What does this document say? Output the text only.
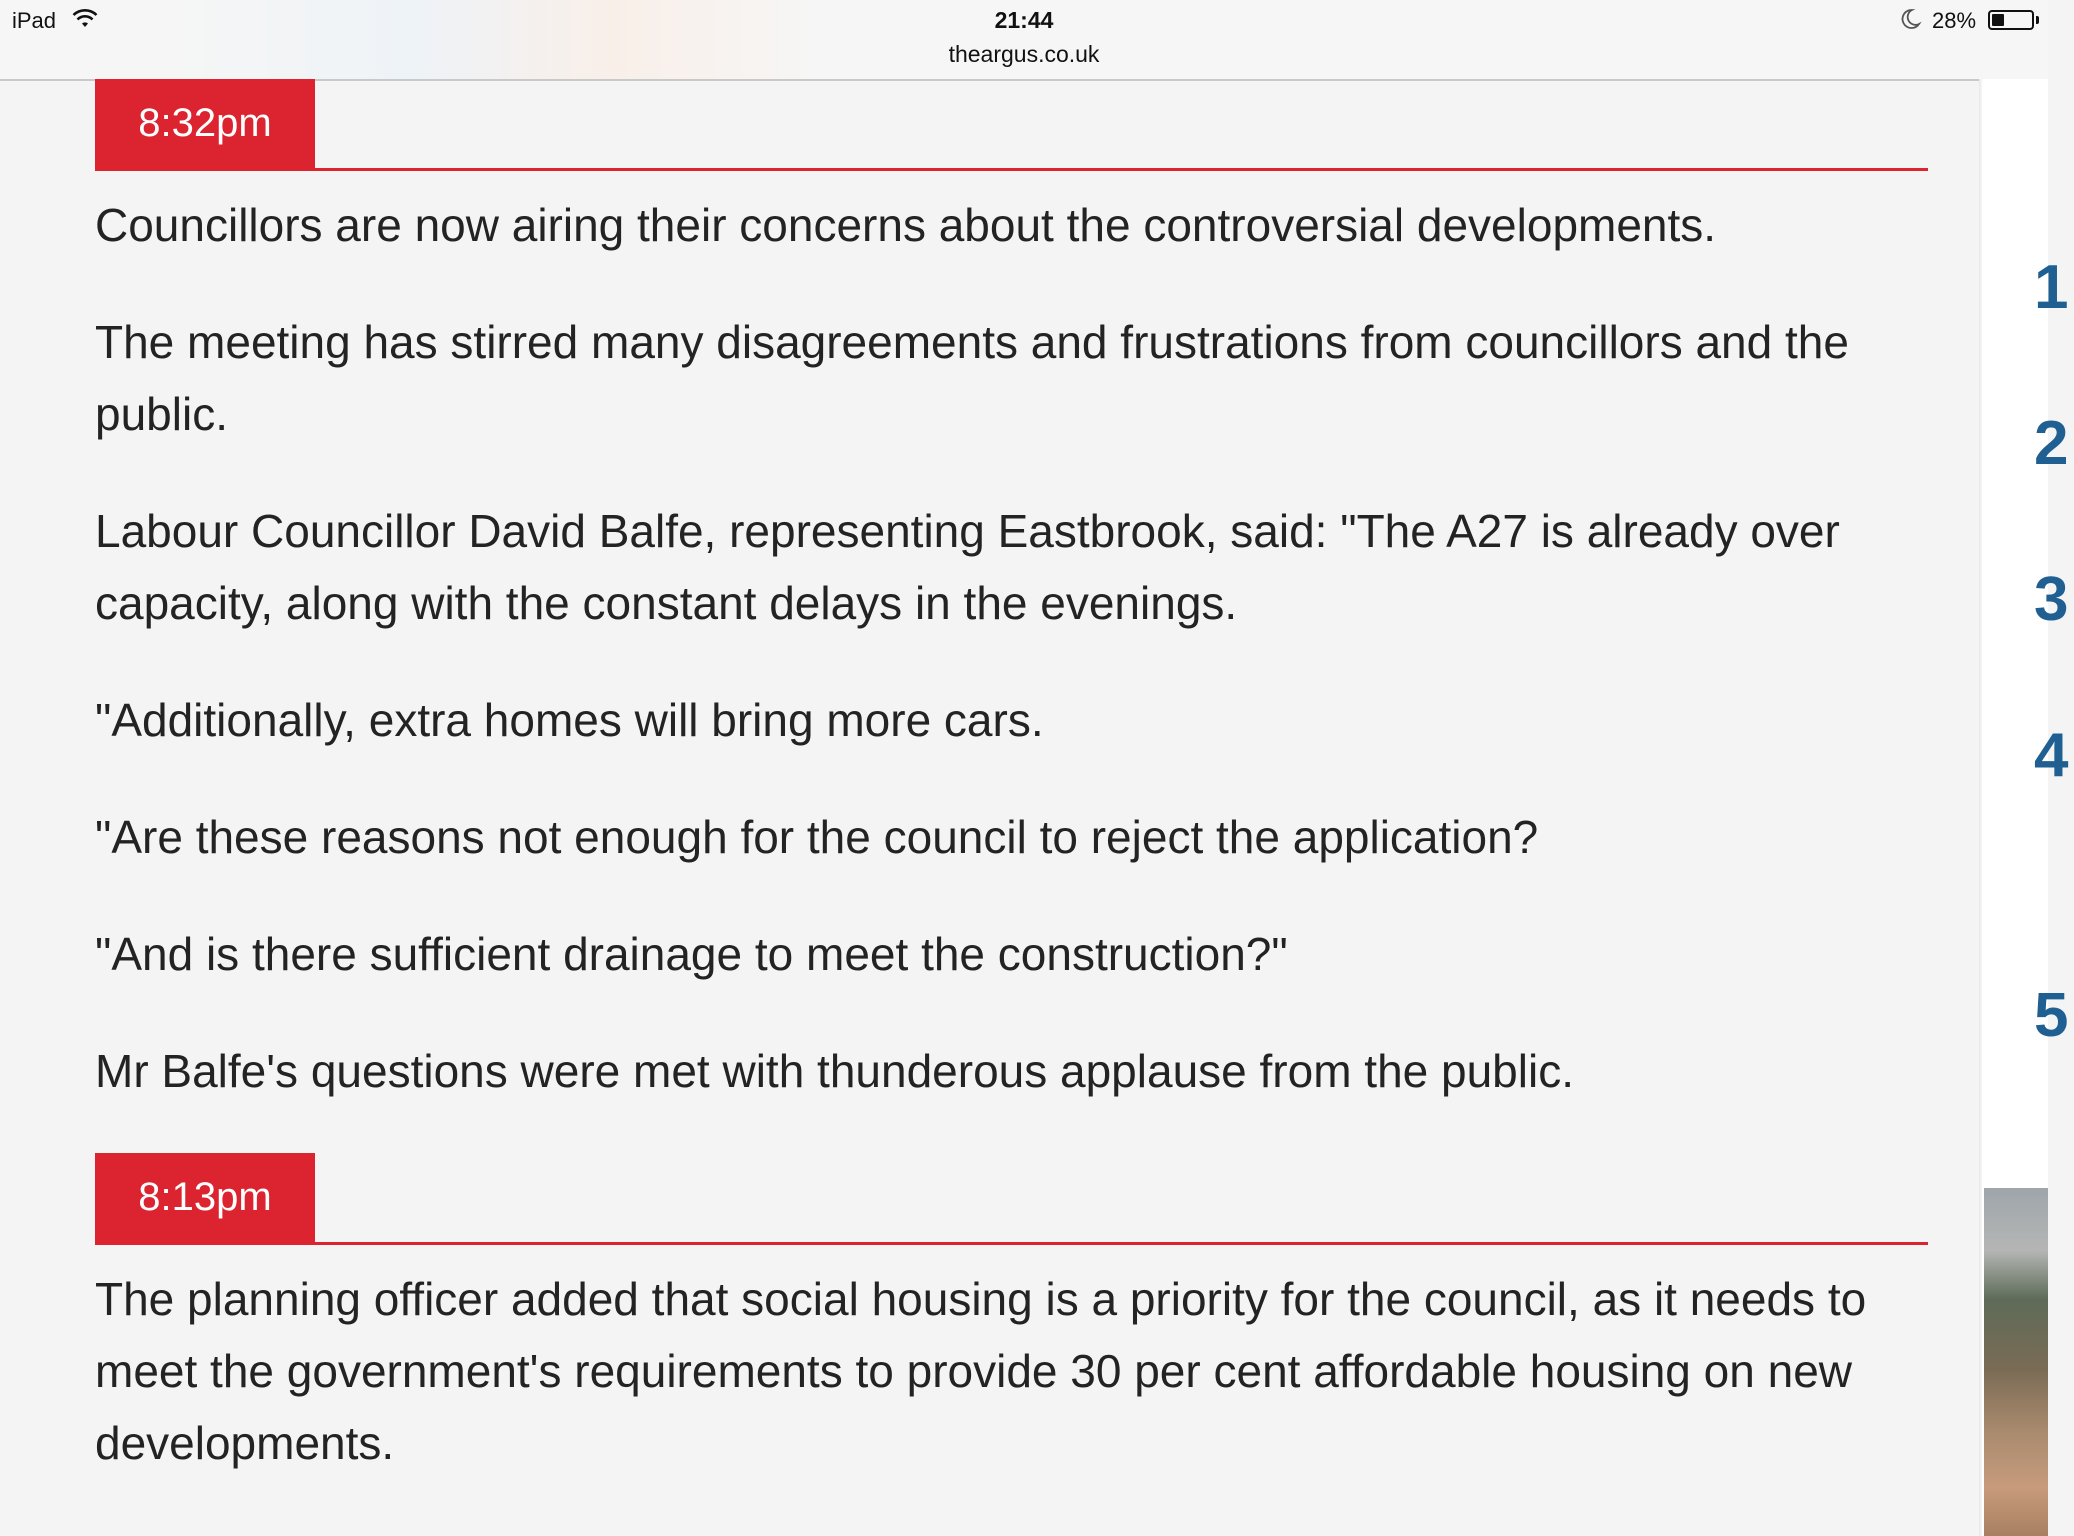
iPad	21:44
theargus.co.uk
28%
8:32pm

Councillors are now airing their concerns about the controversial developments.

The meeting has stirred many disagreements and frustrations from councillors and the public.

Labour Councillor David Balfe, representing Eastbrook, said: "The A27 is already over capacity, along with the constant delays in the evenings.

"Additionally, extra homes will bring more cars.

"Are these reasons not enough for the council to reject the application?

"And is there sufficient drainage to meet the construction?"

Mr Balfe's questions were met with thunderous applause from the public.

8:13pm

The planning officer added that social housing is a priority for the council, as it needs to meet the government's requirements to provide 30 per cent affordable housing on new developments.

1
2
3
4
5
